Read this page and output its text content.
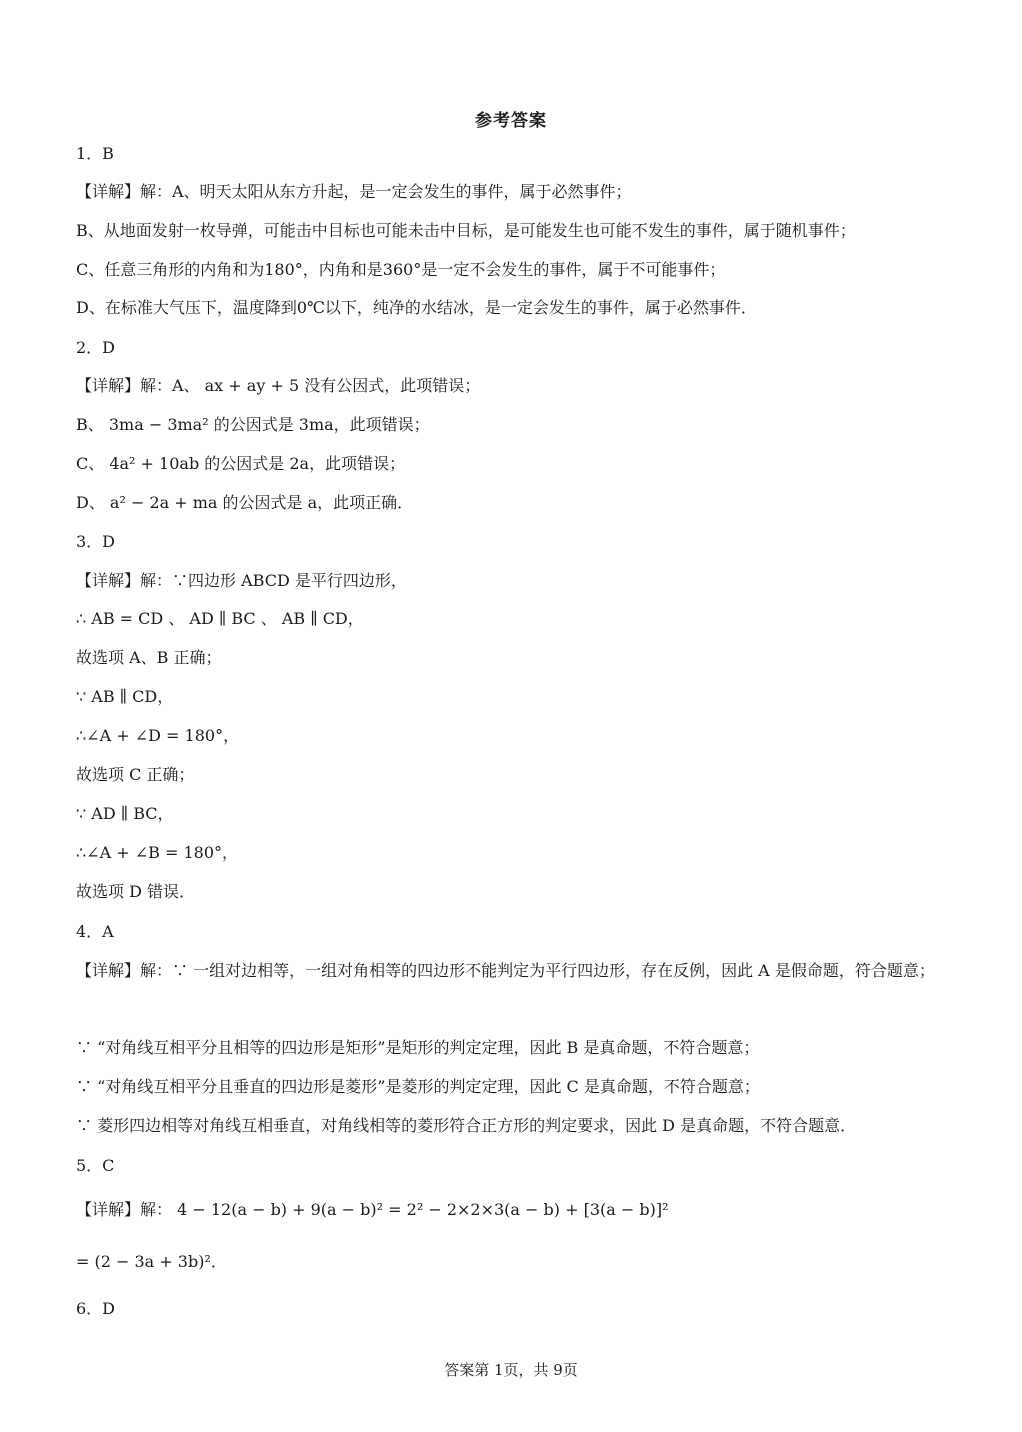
参考答案
1．B
【详解】解：A、明天太阳从东方升起，是一定会发生的事件，属于必然事件；
B、从地面发射一枚导弹，可能击中目标也可能未击中目标，是可能发生也可能不发生的事件，属于随机事件；
C、任意三角形的内角和为180°，内角和是360°是一定不会发生的事件，属于不可能事件；
D、在标准大气压下，温度降到0℃以下，纯净的水结冰，是一定会发生的事件，属于必然事件．
2．D
【详解】解：A、 ax + ay + 5 没有公因式，此项错误；
B、 3ma − 3ma² 的公因式是 3ma，此项错误；
C、 4a² + 10ab 的公因式是 2a，此项错误；
D、 a² − 2a + ma 的公因式是 a，此项正确．
3．D
【详解】解：∵四边形 ABCD 是平行四边形，
∴ AB = CD 、 AD ∥ BC 、 AB ∥ CD，
故选项 A、B 正确；
∵ AB ∥ CD，
∴∠A + ∠D = 180°，
故选项 C 正确；
∵ AD ∥ BC，
∴∠A + ∠B = 180°，
故选项 D 错误．
4．A
【详解】解：∵ 一组对边相等，一组对角相等的四边形不能判定为平行四边形，存在反例，因此 A 是假命题，符合题意；
∵ “对角线互相平分且相等的四边形是矩形”是矩形的判定定理，因此 B 是真命题，不符合题意；
∵ “对角线互相平分且垂直的四边形是菱形”是菱形的判定定理，因此 C 是真命题，不符合题意；
∵ 菱形四边相等对角线互相垂直，对角线相等的菱形符合正方形的判定要求，因此 D 是真命题，不符合题意．
5．C
【详解】解： 4 − 12(a − b) + 9(a − b)² = 2² − 2×2×3(a − b) + [3(a − b)]²
= (2 − 3a + 3b)²．
6．D
答案第 1页，共 9页
